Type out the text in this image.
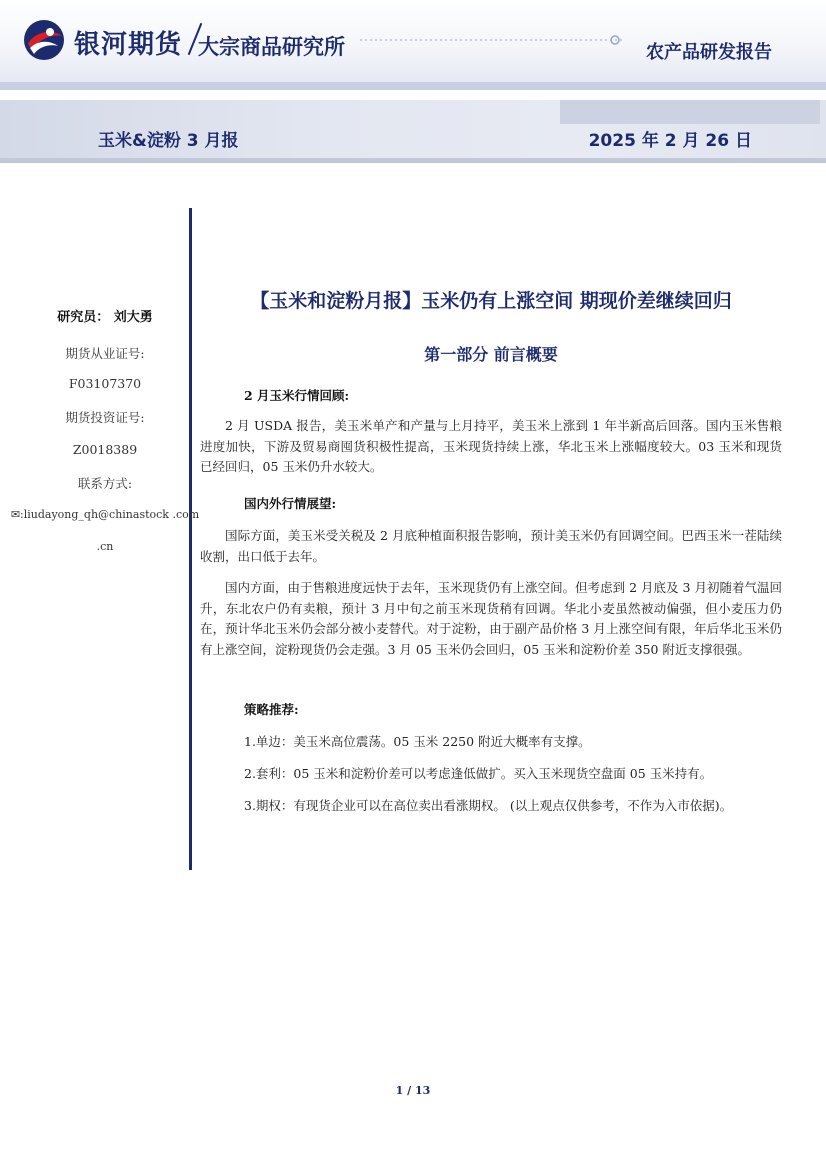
银河期货 大宗商品研究所	农产品研发报告
玉米&淀粉 3 月报	2025 年 2 月 26 日
研究员： 刘大勇
期货从业证号:
F03107370
期货投资证号:
Z0018389
联系方式:
✉:liudayong_qh@chinastock .com
.cn
【玉米和淀粉月报】玉米仍有上涨空间 期现价差继续回归
第一部分 前言概要
2 月玉米行情回顾:
2 月 USDA 报告，美玉米单产和产量与上月持平，美玉米上涨到 1 年半新高后回落。国内玉米售粮进度加快，下游及贸易商囤货积极性提高，玉米现货持续上涨，华北玉米上涨幅度较大。03 玉米和现货已经回归，05 玉米仍升水较大。
国内外行情展望:
国际方面，美玉米受关税及 2 月底种植面积报告影响，预计美玉米仍有回调空间。巴西玉米一茬陆续收割，出口低于去年。
国内方面，由于售粮进度远快于去年，玉米现货仍有上涨空间。但考虑到 2 月底及 3 月初随着气温回升，东北农户仍有卖粮，预计 3 月中旬之前玉米现货稍有回调。华北小麦虽然被动偏强，但小麦压力仍在，预计华北玉米仍会部分被小麦替代。对于淀粉，由于副产品价格 3 月上涨空间有限，年后华北玉米仍有上涨空间，淀粉现货仍会走强。3 月 05 玉米仍会回归，05 玉米和淀粉价差 350 附近支撑很强。
策略推荐:
1.单边：美玉米高位震荡。05 玉米 2250 附近大概率有支撑。
2.套利：05 玉米和淀粉价差可以考虑逢低做扩。买入玉米现货空盘面 05 玉米持有。
3.期权：有现货企业可以在高位卖出看涨期权。 (以上观点仅供参考，不作为入市依据)。
1 / 13
